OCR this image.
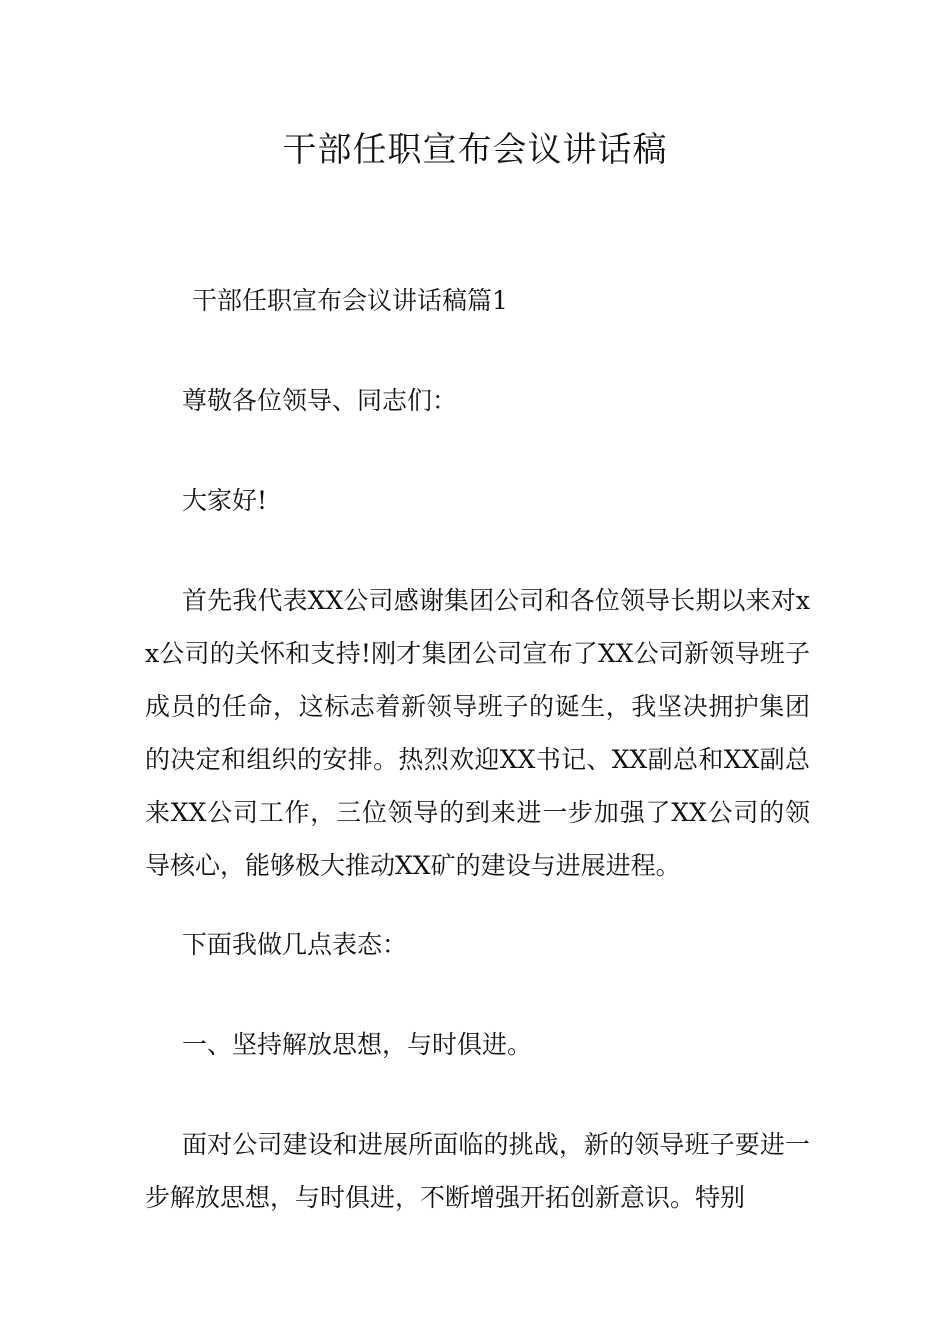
干部任职宣布会议讲话稿

干部任职宣布会议讲话稿篇1

尊敬各位领导、同志们：

大家好!

首先我代表XX公司感谢集团公司和各位领导长期以来对xx公司的关怀和支持!刚才集团公司宣布了XX公司新领导班子成员的任命，这标志着新领导班子的诞生，我坚决拥护集团的决定和组织的安排。热烈欢迎XX书记、XX副总和XX副总来XX公司工作，三位领导的到来进一步加强了XX公司的领导核心，能够极大推动XX矿的建设与进展进程。

下面我做几点表态：

一、坚持解放思想，与时俱进。

面对公司建设和进展所面临的挑战，新的领导班子要进一步解放思想，与时俱进，不断增强开拓创新意识。特别
